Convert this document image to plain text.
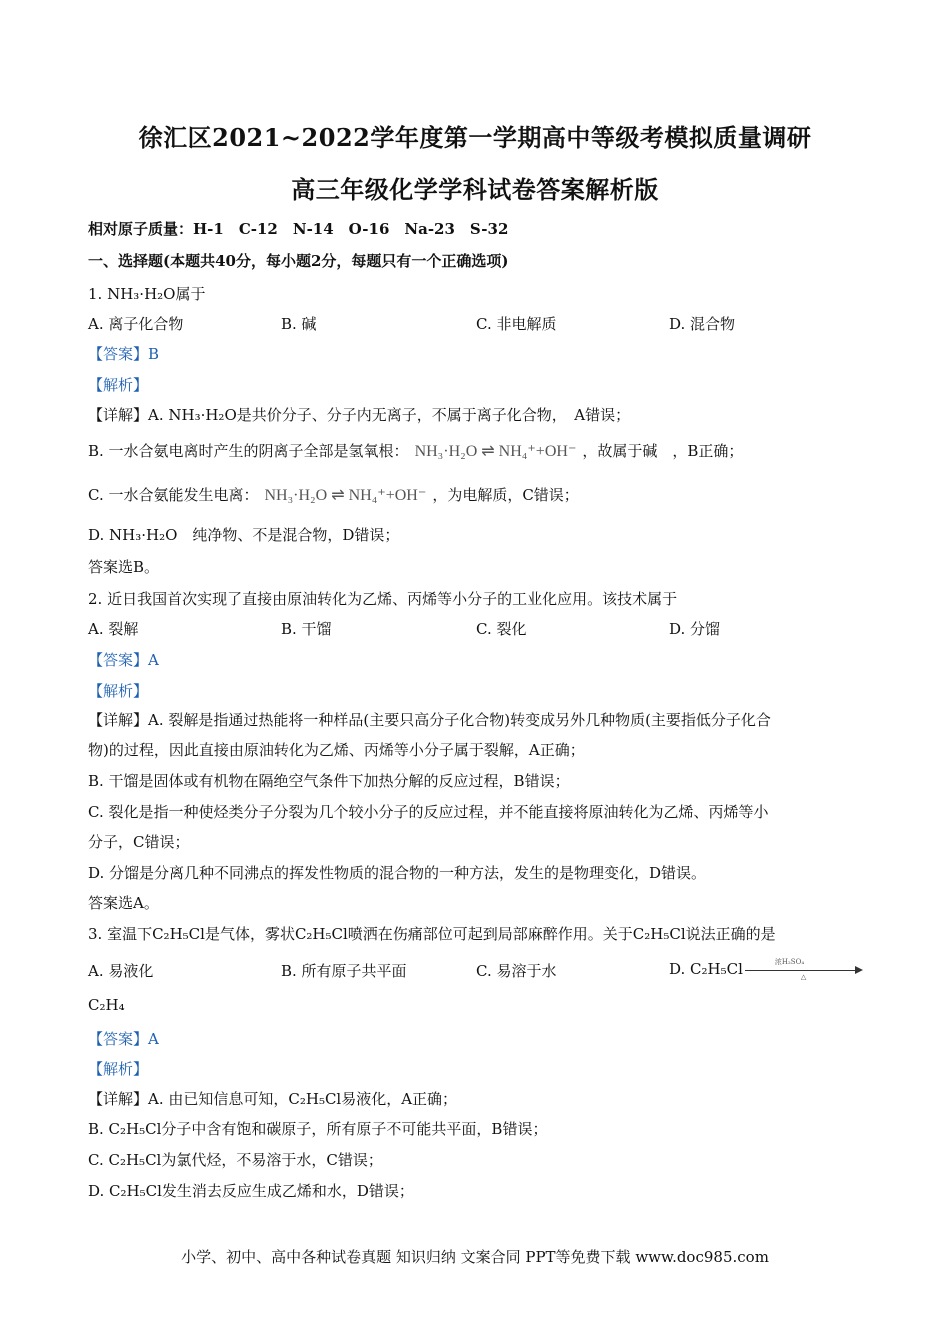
徐汇区2021~2022学年度第一学期高中等级考模拟质量调研
高三年级化学学科试卷答案解析版
相对原子质量：H-1　C-12　N-14　O-16　Na-23　S-32
一、选择题(本题共40分，每小题2分，每题只有一个正确选项)
1. NH₃·H₂O属于
A. 离子化合物	B. 碱	C. 非电解质	D. 混合物
【答案】B
【解析】
【详解】A. NH₃·H₂O是共价分子、分子内无离子，不属于离子化合物，　A错误；
B. 一水合氨电离时产生的阴离子全部是氢氧根： NH₃·H₂O ⇌ NH₄⁺+OH⁻ ，故属于碱　，B正确；
C. 一水合氨能发生电离： NH₃·H₂O ⇌ NH₄⁺+OH⁻ ，为电解质，C错误；
D. NH₃·H₂O　纯净物、不是混合物，D错误；
答案选B。
2. 近日我国首次实现了直接由原油转化为乙烯、丙烯等小分子的工业化应用。该技术属于
A. 裂解	B. 干馏	C. 裂化	D. 分馏
【答案】A
【解析】
【详解】A. 裂解是指通过热能将一种样品(主要只高分子化合物)转变成另外几种物质(主要指低分子化合
物)的过程，因此直接由原油转化为乙烯、丙烯等小分子属于裂解，A正确；
B. 干馏是固体或有机物在隔绝空气条件下加热分解的反应过程，B错误；
C. 裂化是指一种使烃类分子分裂为几个较小分子的反应过程，并不能直接将原油转化为乙烯、丙烯等小
分子，C错误；
D. 分馏是分离几种不同沸点的挥发性物质的混合物的一种方法，发生的是物理变化，D错误。
答案选A。
3. 室温下C₂H₅Cl是气体，雾状C₂H₅Cl喷洒在伤痛部位可起到局部麻醉作用。关于C₂H₅Cl说法正确的是
A. 易液化	B. 所有原子共平面	C. 易溶于水	D. C₂H₅Cl	浓H₂SO₄
△
C₂H₄
【答案】A
【解析】
【详解】A. 由已知信息可知，C₂H₅Cl易液化，A正确；
B. C₂H₅Cl分子中含有饱和碳原子，所有原子不可能共平面，B错误；
C. C₂H₅Cl为氯代烃，不易溶于水，C错误；
D. C₂H₅Cl发生消去反应生成乙烯和水，D错误；
小学、初中、高中各种试卷真题 知识归纳 文案合同 PPT等免费下载 www.doc985.com
